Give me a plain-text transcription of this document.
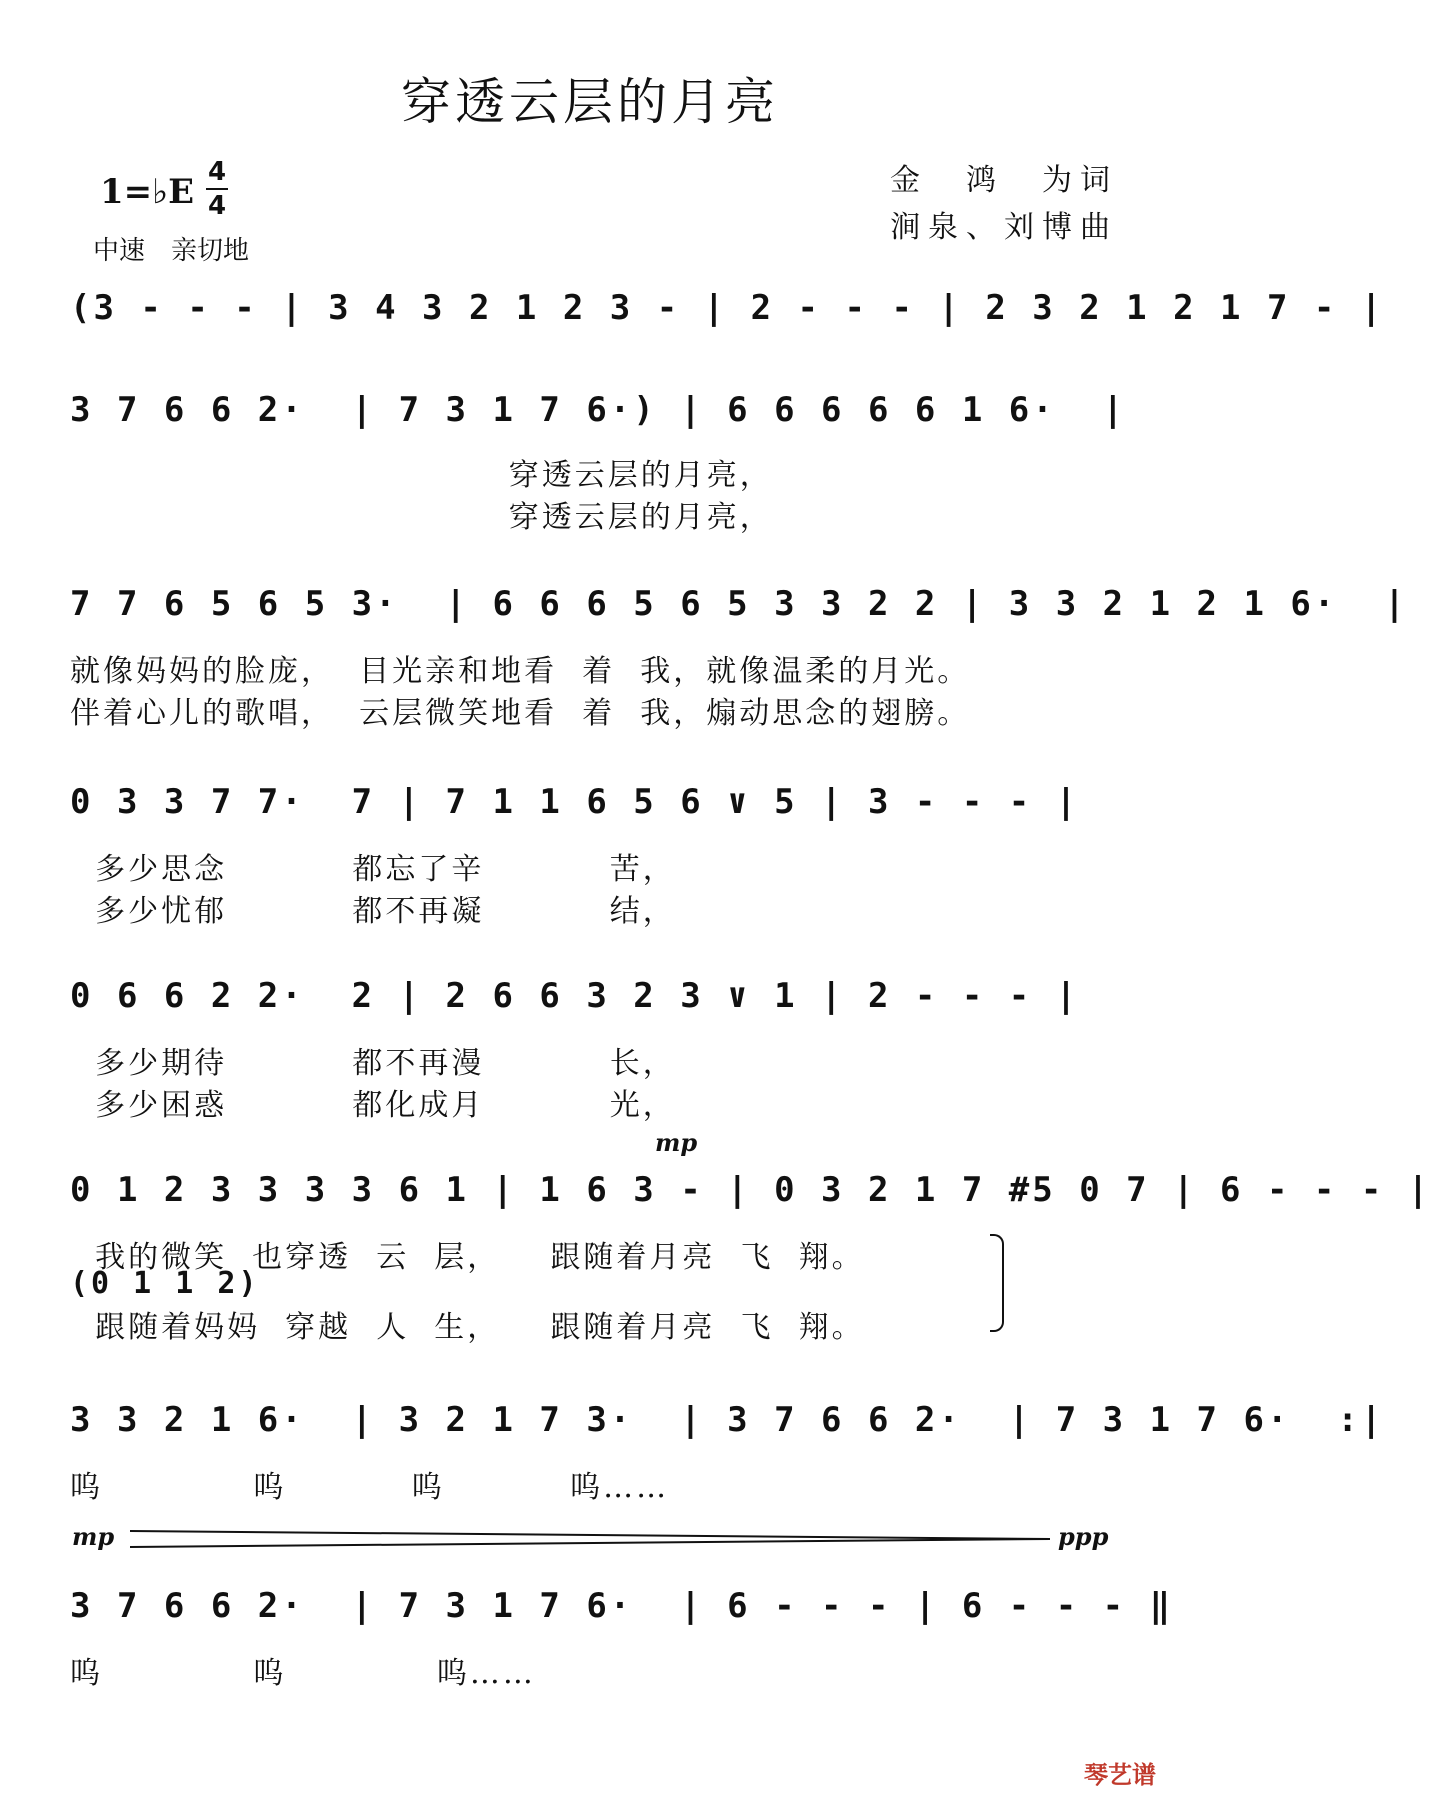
穿透云层的月亮
1=♭E 4
4
中速　亲切地
金　鸿　为词
涧泉、刘博曲
(3 - - - | 3 4 3 2 1 2 3 - | 2 - - - | 2 3 2 1 2 1 7 - |
3 7 6 6 2·  | 7 3 1 7 6·) | 6 6 6 6 6 1 6·  |
穿透云层的月亮，
穿透云层的月亮，
7 7 6 5 6 5 3·  | 6 6 6 5 6 5 3 3 2 2 | 3 3 2 1 2 1 6·  |
就像妈妈的脸庞，  目光亲和地看  着  我，就像温柔的月光。
伴着心儿的歌唱，  云层微笑地看  着  我，煽动思念的翅膀。
0 3 3 7 7·  7 | 7 1 1 6 5 6 ∨ 5 | 3 - - - |
多少思念          都忘了辛          苦，
多少忧郁          都不再凝          结，
0 6 6 2 2·  2 | 2 6 6 3 2 3 ∨ 1 | 2 - - - |
多少期待          都不再漫          长，
多少困惑          都化成月          光，
mp
0 1 2 3 3 3 3 6 1 | 1 6 3 - | 0 3 2 1 7 #5 0 7 | 6 - - - |
我的微笑  也穿透  云  层，    跟随着月亮  飞  翔。
(0 1 1 2)
跟随着妈妈  穿越  人  生，    跟随着月亮  飞  翔。
3 3 2 1 6·  | 3 2 1 7 3·  | 3 7 6 6 2·  | 7 3 1 7 6·  :|
呜            呜          呜          呜……
mp	ppp
3 7 6 6 2·  | 7 3 1 7 6·  | 6 - - - | 6 - - - ‖
呜            呜            呜……
琴艺谱
